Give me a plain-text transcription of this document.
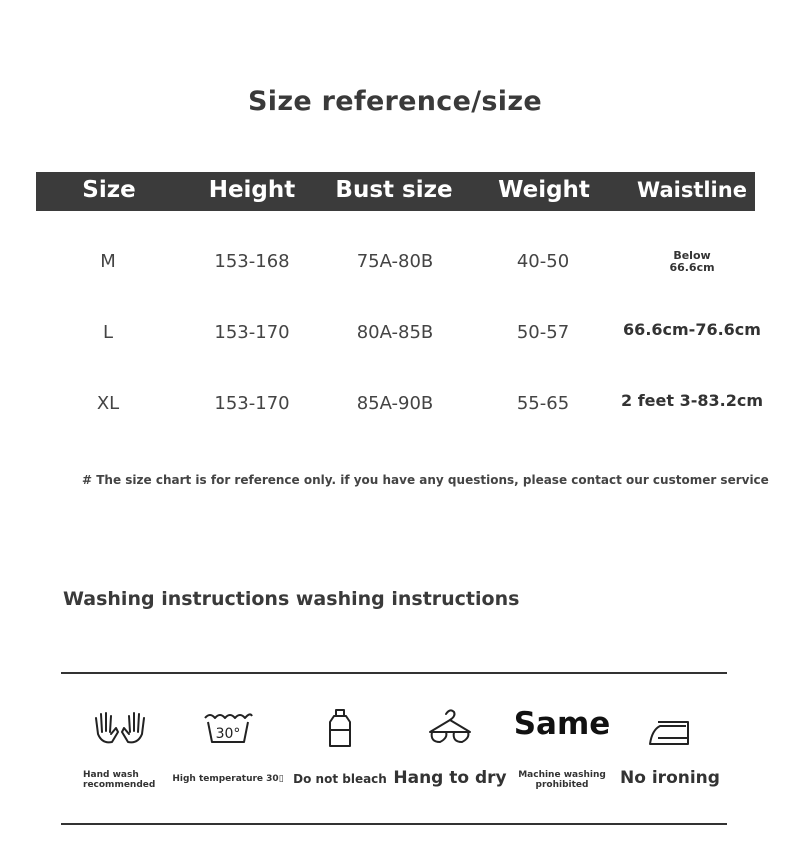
Size reference/size
Size	Height	Bust size	Weight	Waistline
M	153-168	75A-80B	40-50	Below
66.6cm
L	153-170	80A-85B	50-57	66.6cm-76.6cm
XL	153-170	85A-90B	55-65	2 feet 3-83.2cm
# The size chart is for reference only. if you have any questions, please contact our customer service
Washing instructions washing instructions
Hand wash
recommended
30°
High temperature 30▯ Do not bleach Hang to dry
Same
Machine washing
prohibited	No ironing
